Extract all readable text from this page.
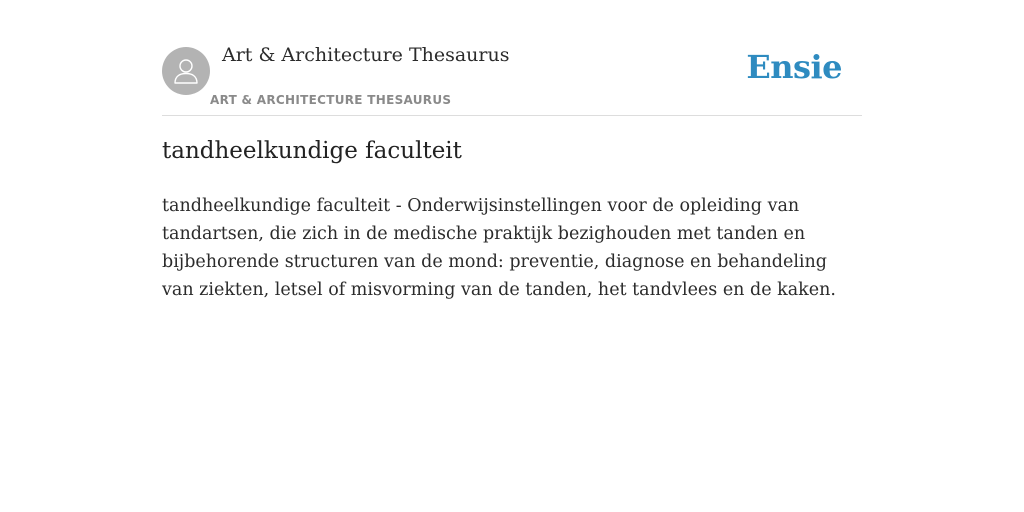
Art & Architecture Thesaurus
ART & ARCHITECTURE THESAURUS
Ensie
tandheelkundige faculteit

tandheelkundige faculteit - Onderwijsinstellingen voor de opleiding van tandartsen, die zich in de medische praktijk bezighouden met tanden en bijbehorende structuren van de mond: preventie, diagnose en behandeling van ziekten, letsel of misvorming van de tanden, het tandvlees en de kaken.
